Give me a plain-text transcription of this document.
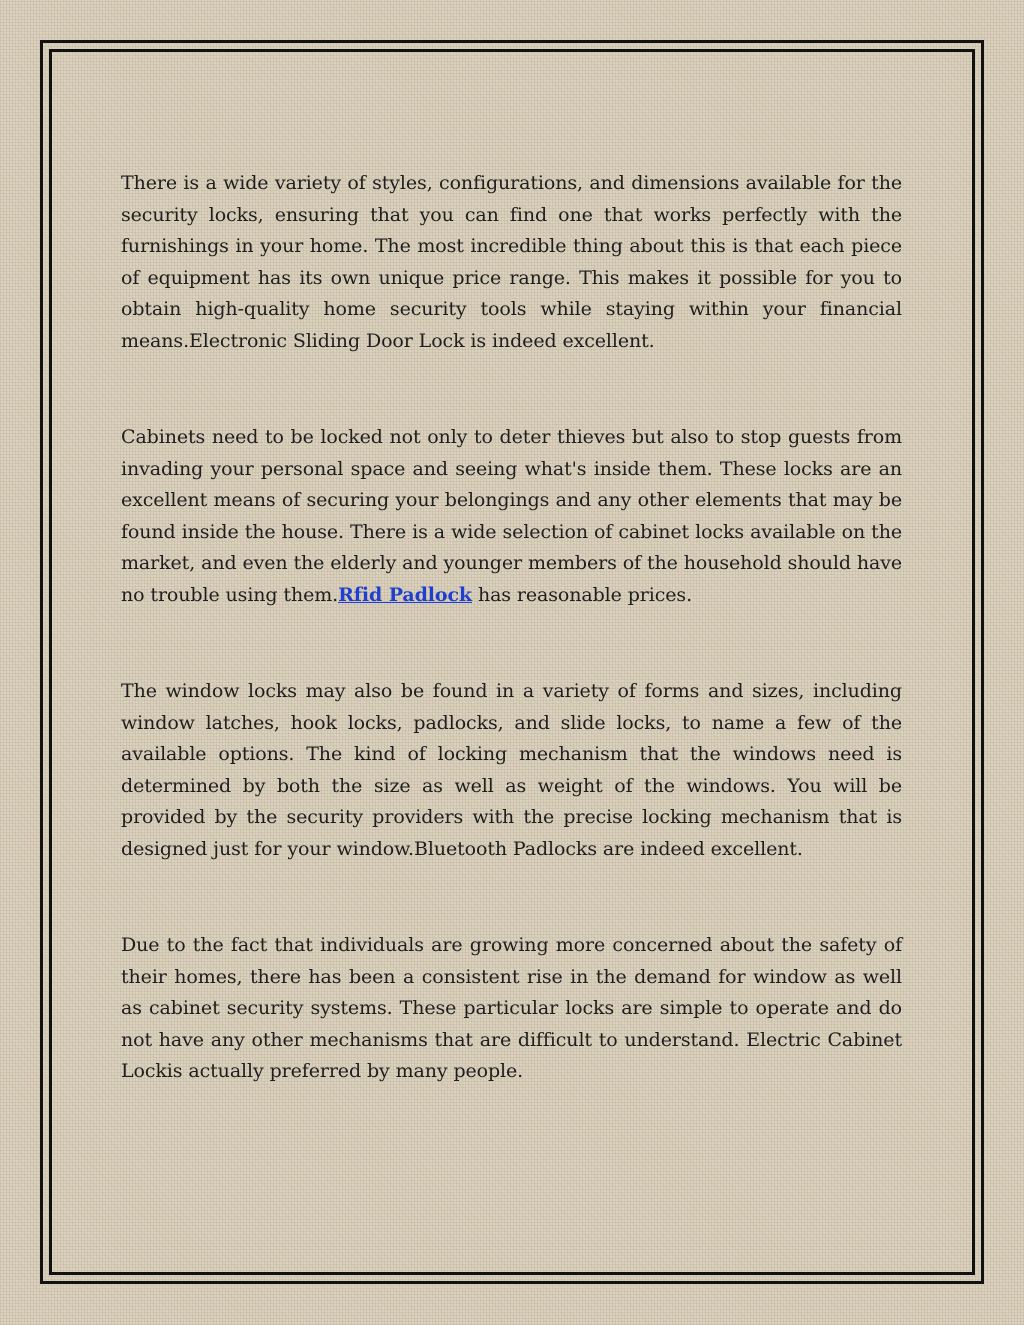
There is a wide variety of styles, configurations, and dimensions available for the security locks, ensuring that you can find one that works perfectly with the furnishings in your home. The most incredible thing about this is that each piece of equipment has its own unique price range. This makes it possible for you to obtain high-quality home security tools while staying within your financial means.Electronic Sliding Door Lock is indeed excellent.

Cabinets need to be locked not only to deter thieves but also to stop guests from invading your personal space and seeing what's inside them. These locks are an excellent means of securing your belongings and any other elements that may be found inside the house. There is a wide selection of cabinet locks available on the market, and even the elderly and younger members of the household should have no trouble using them.Rfid Padlock has reasonable prices.

The window locks may also be found in a variety of forms and sizes, including window latches, hook locks, padlocks, and slide locks, to name a few of the available options. The kind of locking mechanism that the windows need is determined by both the size as well as weight of the windows. You will be provided by the security providers with the precise locking mechanism that is designed just for your window.Bluetooth Padlocks are indeed excellent.

Due to the fact that individuals are growing more concerned about the safety of their homes, there has been a consistent rise in the demand for window as well as cabinet security systems. These particular locks are simple to operate and do not have any other mechanisms that are difficult to understand. Electric Cabinet Lockis actually preferred by many people.
